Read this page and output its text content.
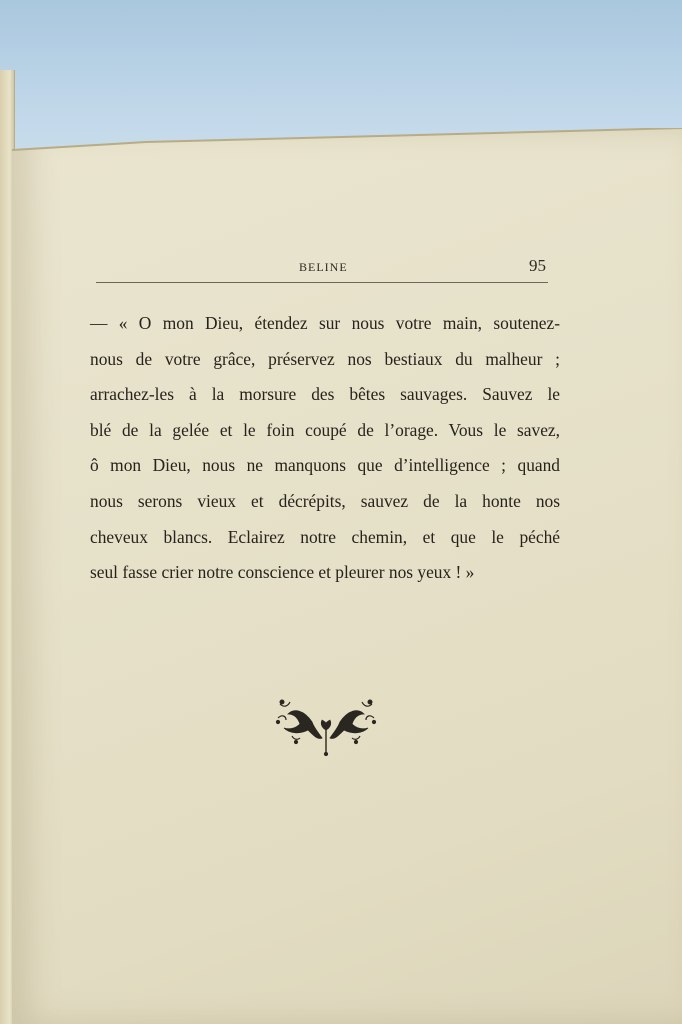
BELINE	95
— « O mon Dieu, étendez sur nous votre main, soutenez-
nous de votre grâce, préservez nos bestiaux du malheur ;
arrachez-les à la morsure des bêtes sauvages. Sauvez le
blé de la gelée et le foin coupé de l’orage. Vous le savez,
ô mon Dieu, nous ne manquons que d’intelligence ; quand
nous serons vieux et décrépits, sauvez de la honte nos
cheveux blancs. Eclairez notre chemin, et que le péché
seul fasse crier notre conscience et pleurer nos yeux ! »
